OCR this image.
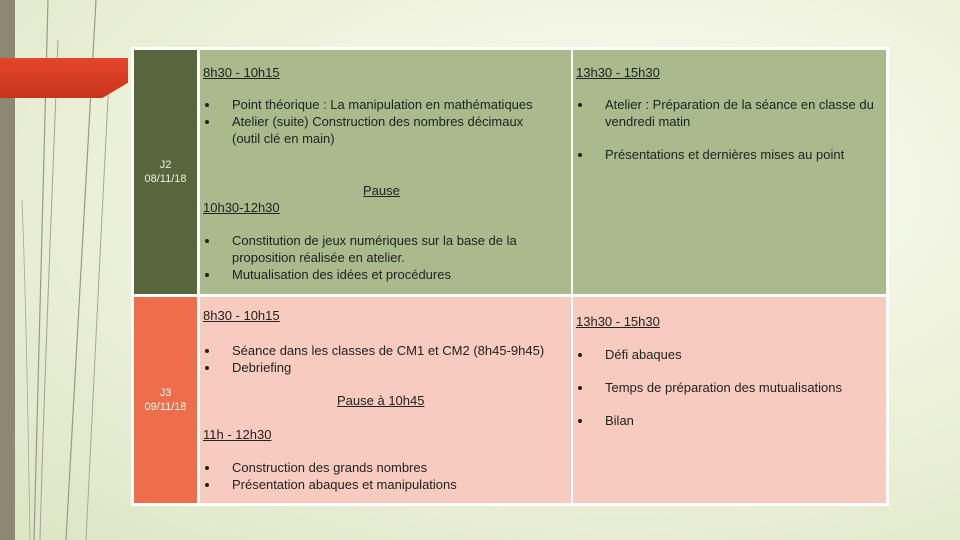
J2
08/11/18
8h30 - 10h15
Point théorique : La manipulation en mathématiques
Atelier (suite) Construction des nombres décimaux (outil clé en main)
Pause
10h30-12h30
Constitution de jeux numériques sur la base de la proposition réalisée en atelier.
Mutualisation des idées et procédures
13h30 - 15h30
Atelier : Préparation de la séance en classe du vendredi matin
Présentations et dernières mises au point
J3
09/11/18
8h30 - 10h15
Séance dans les classes de CM1 et CM2 (8h45-9h45)
Debriefing
Pause à 10h45
11h - 12h30
Construction des grands nombres
Présentation abaques et manipulations
13h30 - 15h30
Défi abaques
Temps de préparation des mutualisations
Bilan
